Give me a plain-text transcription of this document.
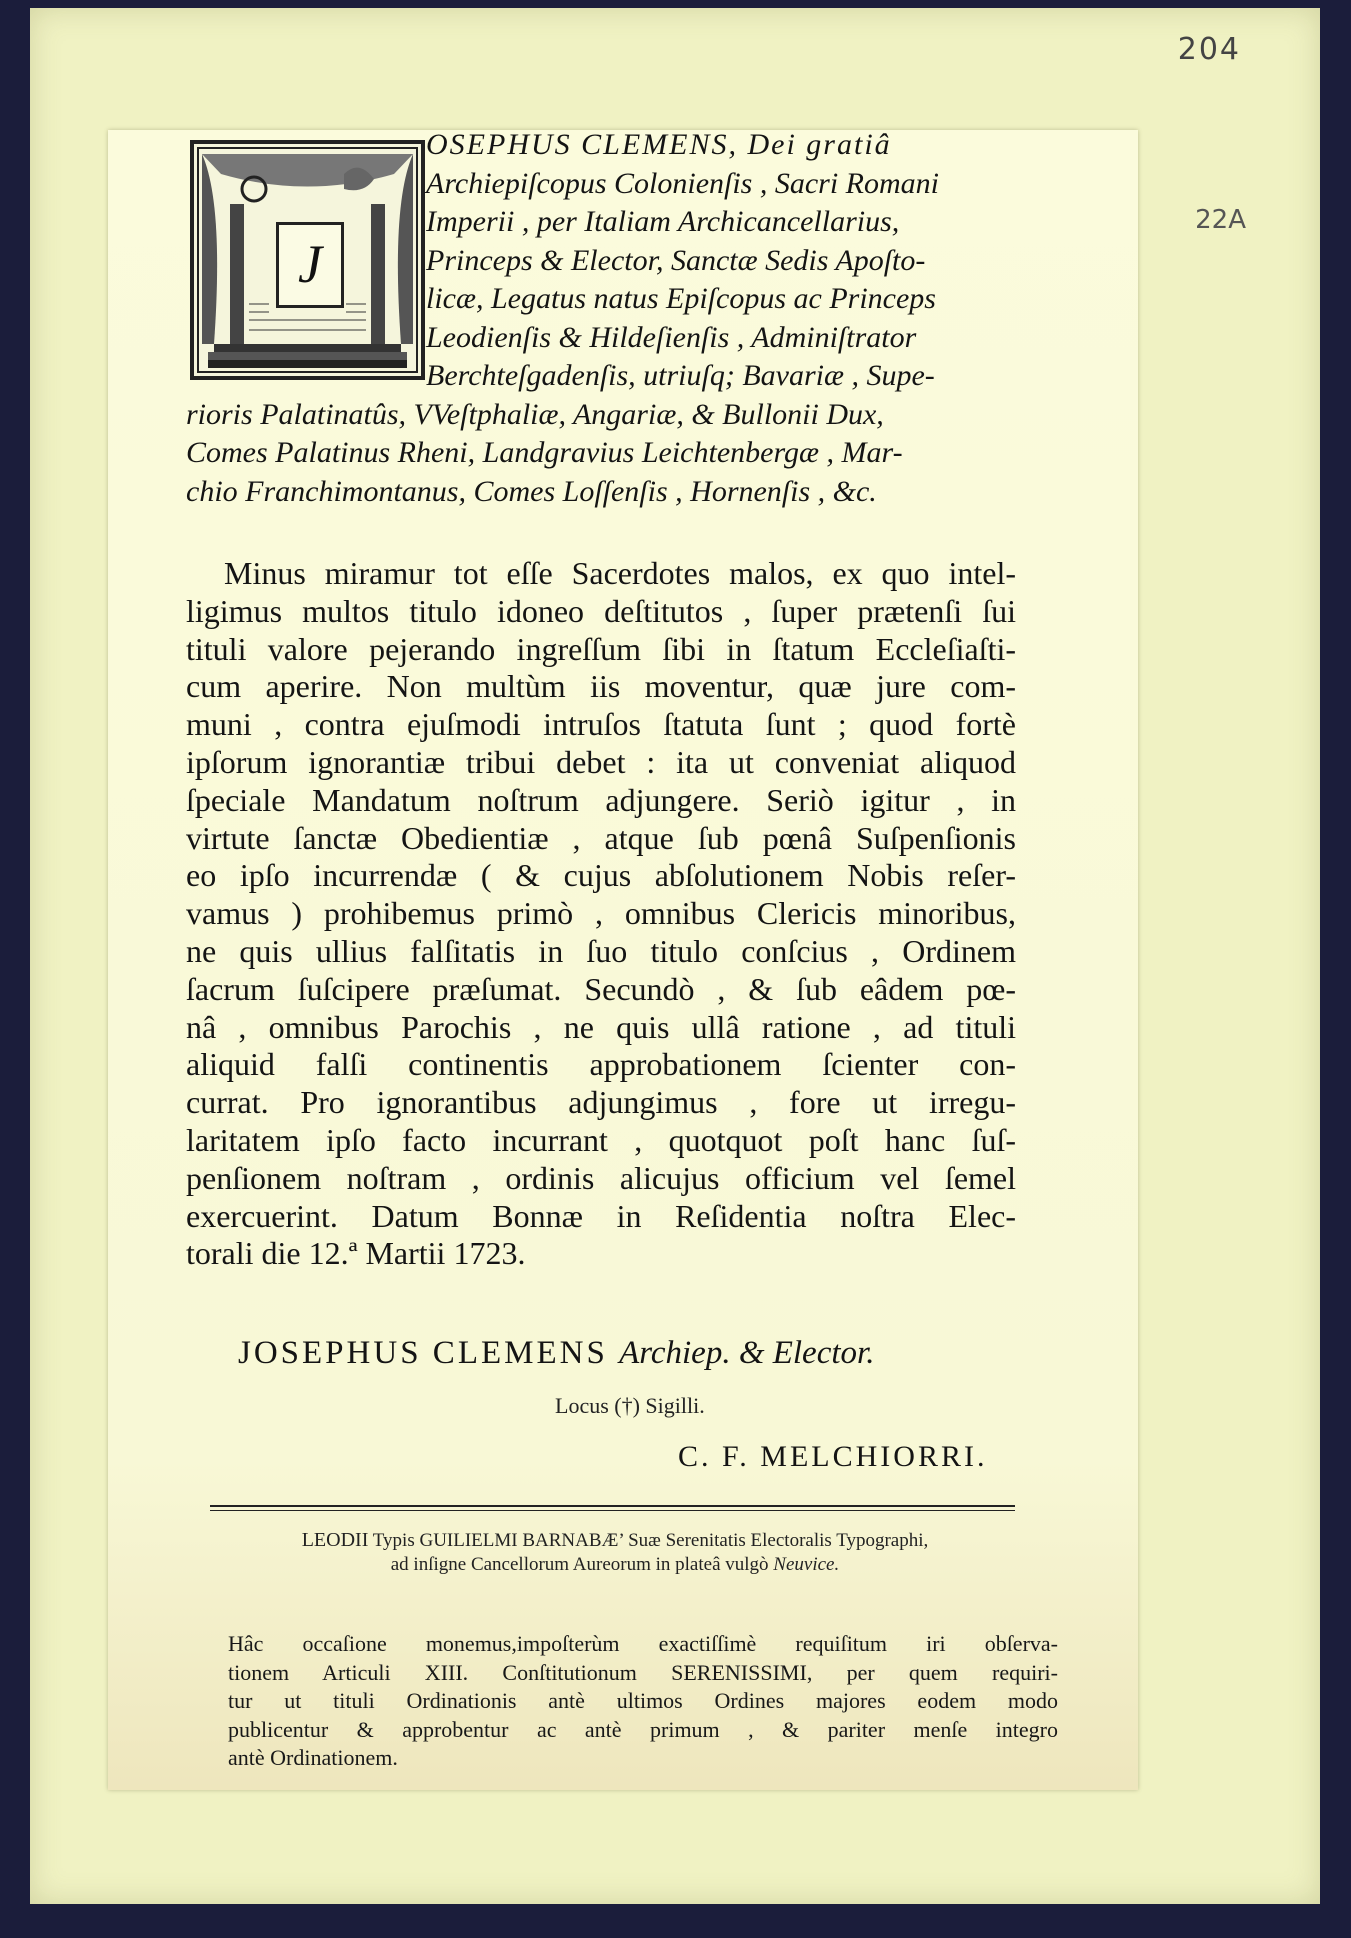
204
22A
J
OSEPHUS CLEMENS, Dei gratiâ
Archiepiſcopus Colonienſis , Sacri Romani
Imperii , per Italiam Archicancellarius,
Princeps & Elector, Sanctæ Sedis Apoſto-
licæ, Legatus natus Epiſcopus ac Princeps
Leodienſis & Hildeſienſis , Adminiſtrator
Berchteſgadenſis, utriuſq; Bavariæ , Supe-
rioris Palatinatûs, VVeſtphaliæ, Angariæ, & Bullonii Dux,
Comes Palatinus Rheni, Landgravius Leichtenbergæ , Mar-
chio Franchimontanus, Comes Loſſenſis , Hornenſis , &c.
Minus miramur tot eſſe Sacerdotes malos, ex quo intel-
ligimus multos titulo idoneo deſtitutos , ſuper prætenſi ſui
tituli valore pejerando ingreſſum ſibi in ſtatum Eccleſiaſti-
cum aperire. Non multùm iis moventur, quæ jure com-
muni , contra ejuſmodi intruſos ſtatuta ſunt ; quod fortè
ipſorum ignorantiæ tribui debet : ita ut conveniat aliquod
ſpeciale Mandatum noſtrum adjungere. Seriò igitur , in
virtute ſanctæ Obedientiæ , atque ſub pœnâ Suſpenſionis
eo ipſo incurrendæ ( & cujus abſolutionem Nobis reſer-
vamus ) prohibemus primò , omnibus Clericis minoribus,
ne quis ullius falſitatis in ſuo titulo conſcius , Ordinem
ſacrum ſuſcipere præſumat. Secundò , & ſub eâdem pœ-
nâ , omnibus Parochis , ne quis ullâ ratione , ad tituli
aliquid falſi continentis approbationem ſcienter con-
currat. Pro ignorantibus adjungimus , fore ut irregu-
laritatem ipſo facto incurrant , quotquot poſt hanc ſuſ-
penſionem noſtram , ordinis alicujus officium vel ſemel
exercuerint. Datum Bonnæ in Reſidentia noſtra Elec-
torali die 12.ª Martii 1723.
JOSEPHUS CLEMENS Archiep. & Elector.
Locus (†) Sigilli.
C. F. MELCHIORRI.
LEODII Typis GUILIELMI BARNABÆ’ Suæ Serenitatis Electoralis Typographi,
ad inſigne Cancellorum Aureorum in plateâ vulgò Neuvice.
Hâc occaſione monemus,impoſterùm exactiſſimè requiſitum iri obſerva-
tionem Articuli XIII. Conſtitutionum SERENISSIMI, per quem requiri-
tur ut tituli Ordinationis antè ultimos Ordines majores eodem modo
publicentur & approbentur ac antè primum , & pariter menſe integro
antè Ordinationem.
